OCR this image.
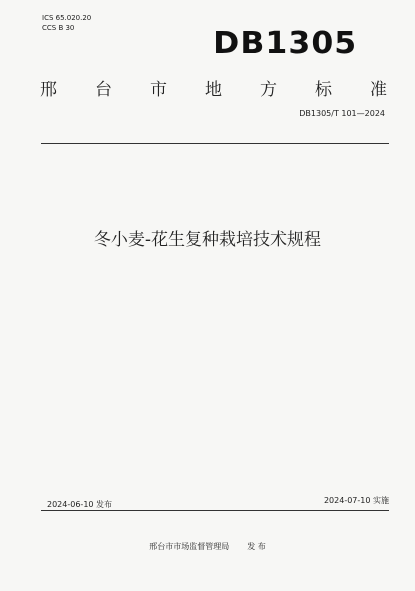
ICS 65.020.20
CCS B 30	DB1305
邢 台 市 地 方 标 准
DB1305/T 101—2024
冬小麦-花生复种栽培技术规程
2024-06-10 发布	2024-07-10 实施
邢台市市场监督管理局 发 布
